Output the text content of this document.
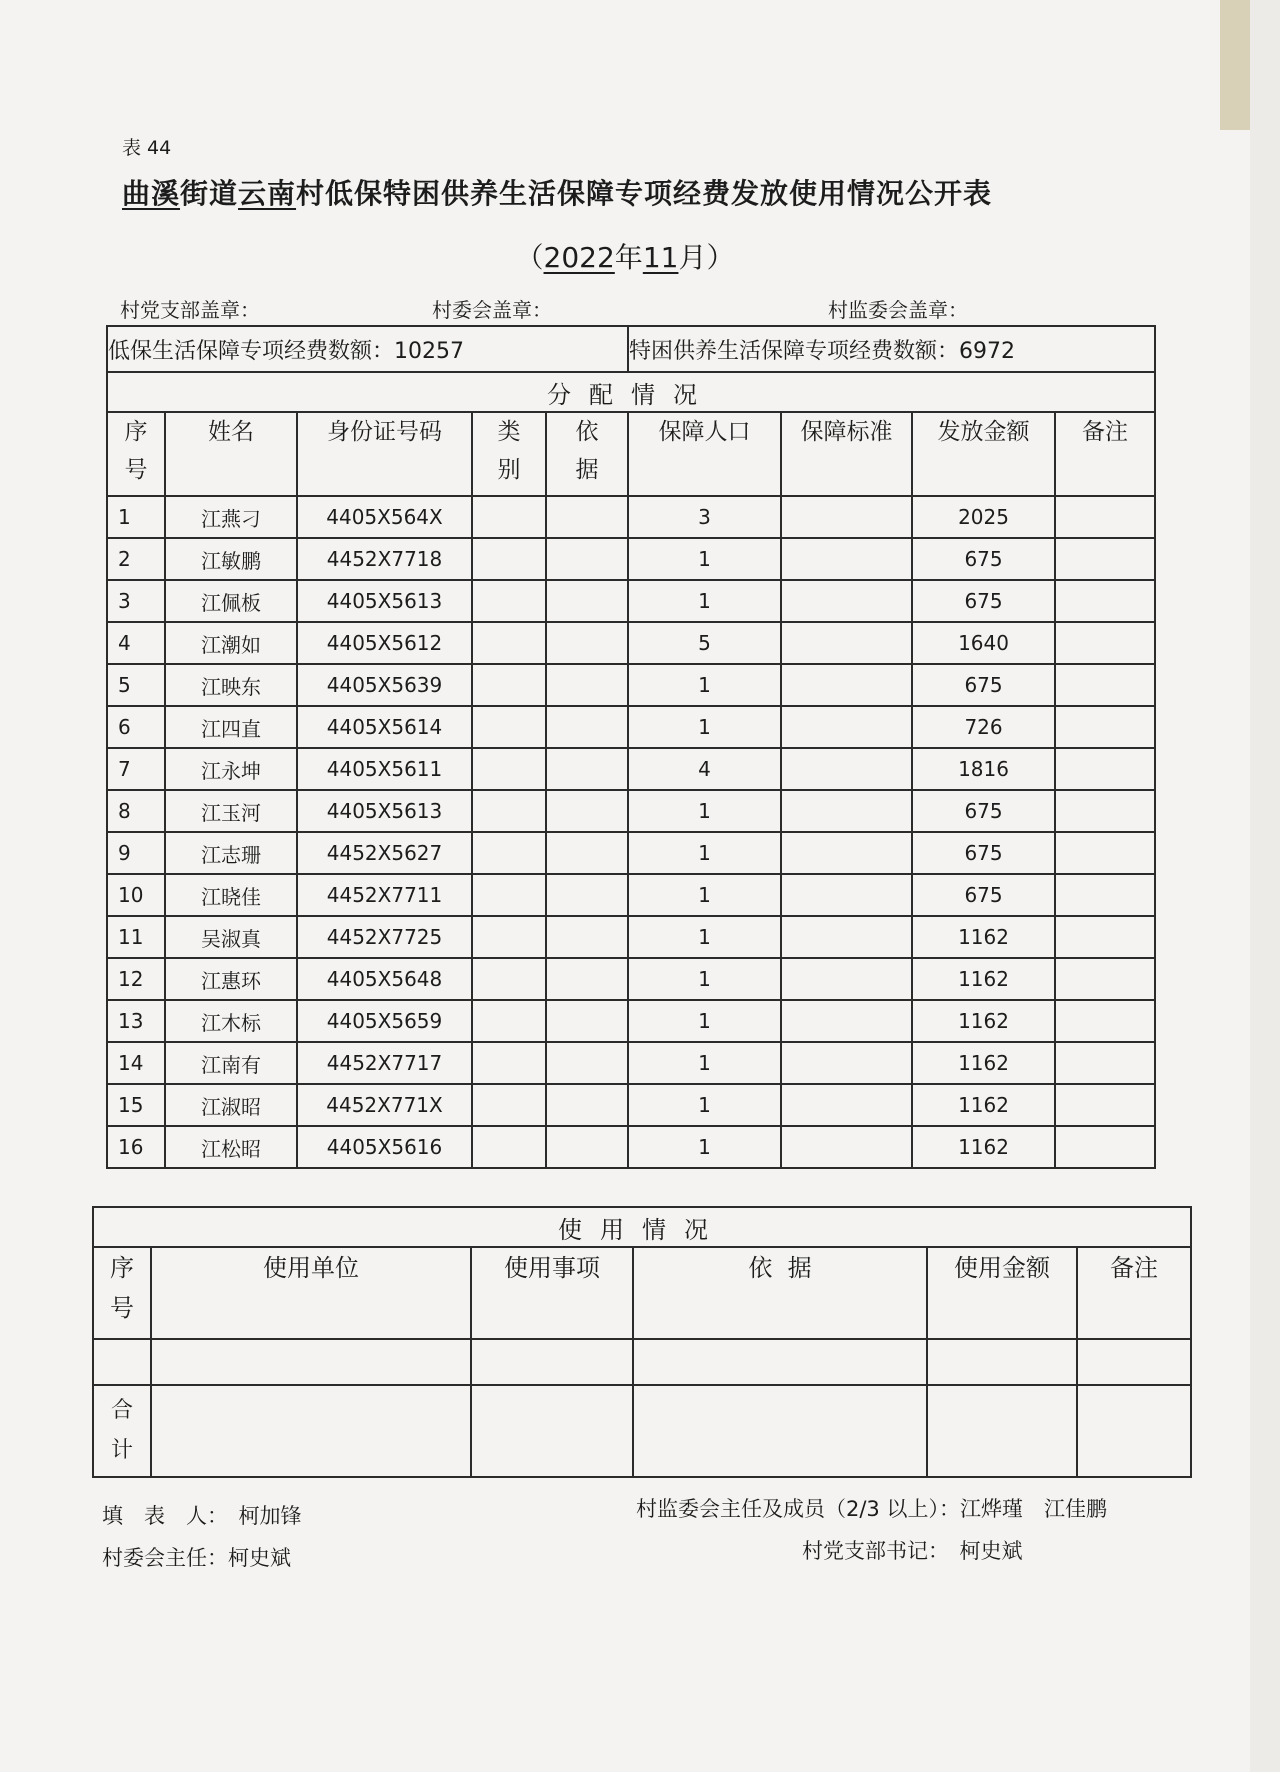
表 44
曲溪街道云南村低保特困供养生活保障专项经费发放使用情况公开表
（2022年11月）
村党支部盖章：	村委会盖章：	村监委会盖章：
低保生活保障专项经费数额：10257					特困供养生活保障专项经费数额：6972			
分配情况								
序
号	姓名	身份证号码	类
别	依
据	保障人口	保障标准	发放金额	备注
1	江燕刁	4405X564X			3		2025	
2	江敏鹏	4452X7718			1		675	
3	江佩板	4405X5613			1		675	
4	江潮如	4405X5612			5		1640	
5	江映东	4405X5639			1		675	
6	江四直	4405X5614			1		726	
7	江永坤	4405X5611			4		1816	
8	江玉河	4405X5613			1		675	
9	江志珊	4452X5627			1		675	
10	江晓佳	4452X7711			1		675	
11	吴淑真	4452X7725			1		1162	
12	江惠环	4405X5648			1		1162	
13	江木标	4405X5659			1		1162	
14	江南有	4452X7717			1		1162	
15	江淑昭	4452X771X			1		1162	
16	江松昭	4405X5616			1		1162	
使用情况					
序
号	使用单位	使用事项	依  据	使用金额	备注

合
计					
填　表　人：　柯加锋
村委会主任：柯史斌
村监委会主任及成员（2/3 以上）：江烨瑾　江佳鹏
村党支部书记：　柯史斌
